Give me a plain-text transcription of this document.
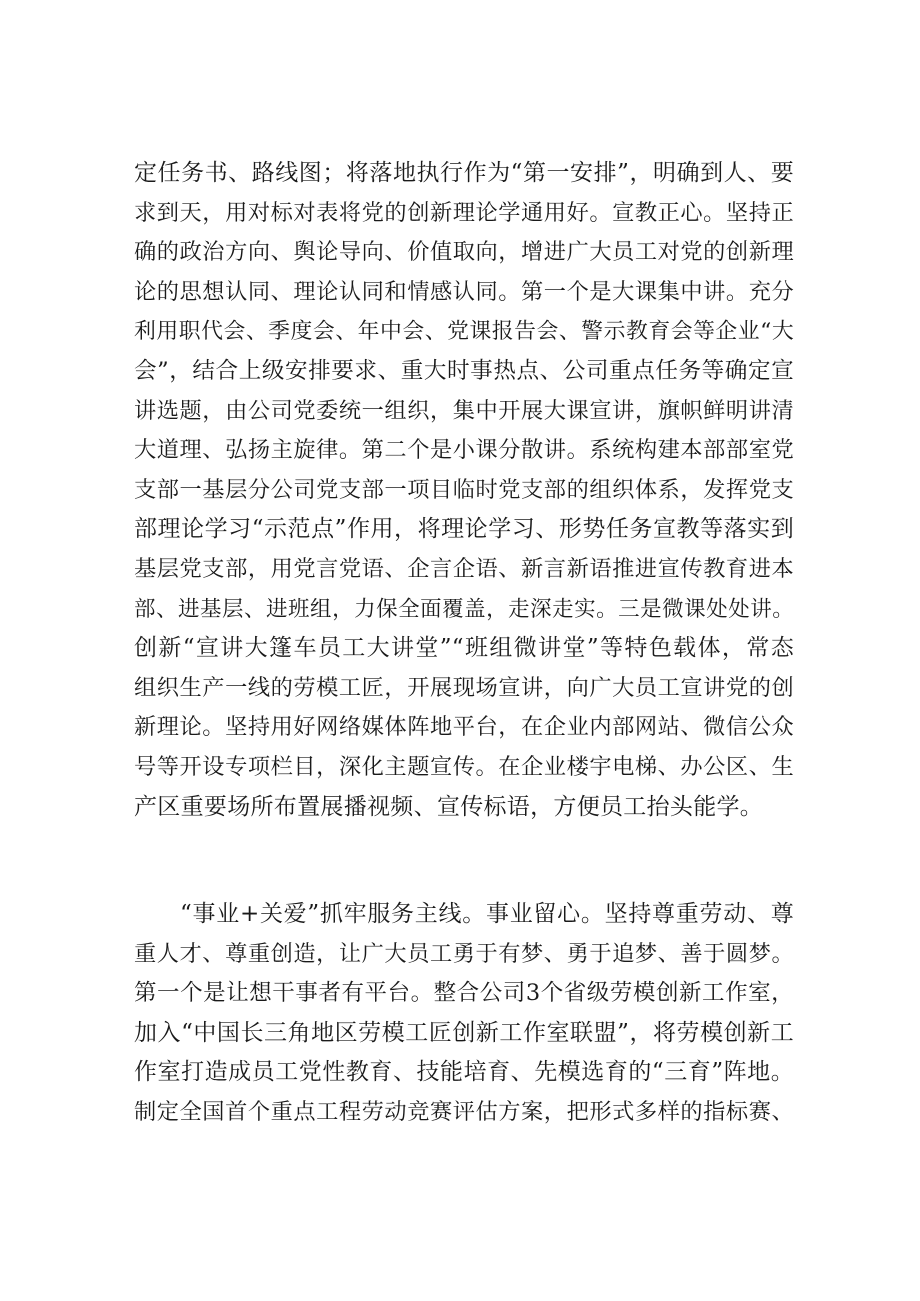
定任务书、路线图；将落地执行作为“第一安排”，明确到人、要
求到天，用对标对表将党的创新理论学通用好。宣教正心。坚持正
确的政治方向、舆论导向、价值取向，增进广大员工对党的创新理
论的思想认同、理论认同和情感认同。第一个是大课集中讲。充分
利用职代会、季度会、年中会、党课报告会、警示教育会等企业“大
会”，结合上级安排要求、重大时事热点、公司重点任务等确定宣
讲选题，由公司党委统一组织，集中开展大课宣讲，旗帜鲜明讲清
大道理、弘扬主旋律。第二个是小课分散讲。系统构建本部部室党
支部一基层分公司党支部一项目临时党支部的组织体系，发挥党支
部理论学习“示范点”作用，将理论学习、形势任务宣教等落实到
基层党支部，用党言党语、企言企语、新言新语推进宣传教育进本
部、进基层、进班组，力保全面覆盖，走深走实。三是微课处处讲。
创新“宣讲大篷车员工大讲堂”“班组微讲堂”等特色载体，常态
组织生产一线的劳模工匠，开展现场宣讲，向广大员工宣讲党的创
新理论。坚持用好网络媒体阵地平台，在企业内部网站、微信公众
号等开设专项栏目，深化主题宣传。在企业楼宇电梯、办公区、生
产区重要场所布置展播视频、宣传标语，方便员工抬头能学。
“事业+关爱”抓牢服务主线。事业留心。坚持尊重劳动、尊
重人才、尊重创造，让广大员工勇于有梦、勇于追梦、善于圆梦。
第一个是让想干事者有平台。整合公司3个省级劳模创新工作室，
加入“中国长三角地区劳模工匠创新工作室联盟”，将劳模创新工
作室打造成员工党性教育、技能培育、先模选育的“三育”阵地。
制定全国首个重点工程劳动竞赛评估方案，把形式多样的指标赛、
